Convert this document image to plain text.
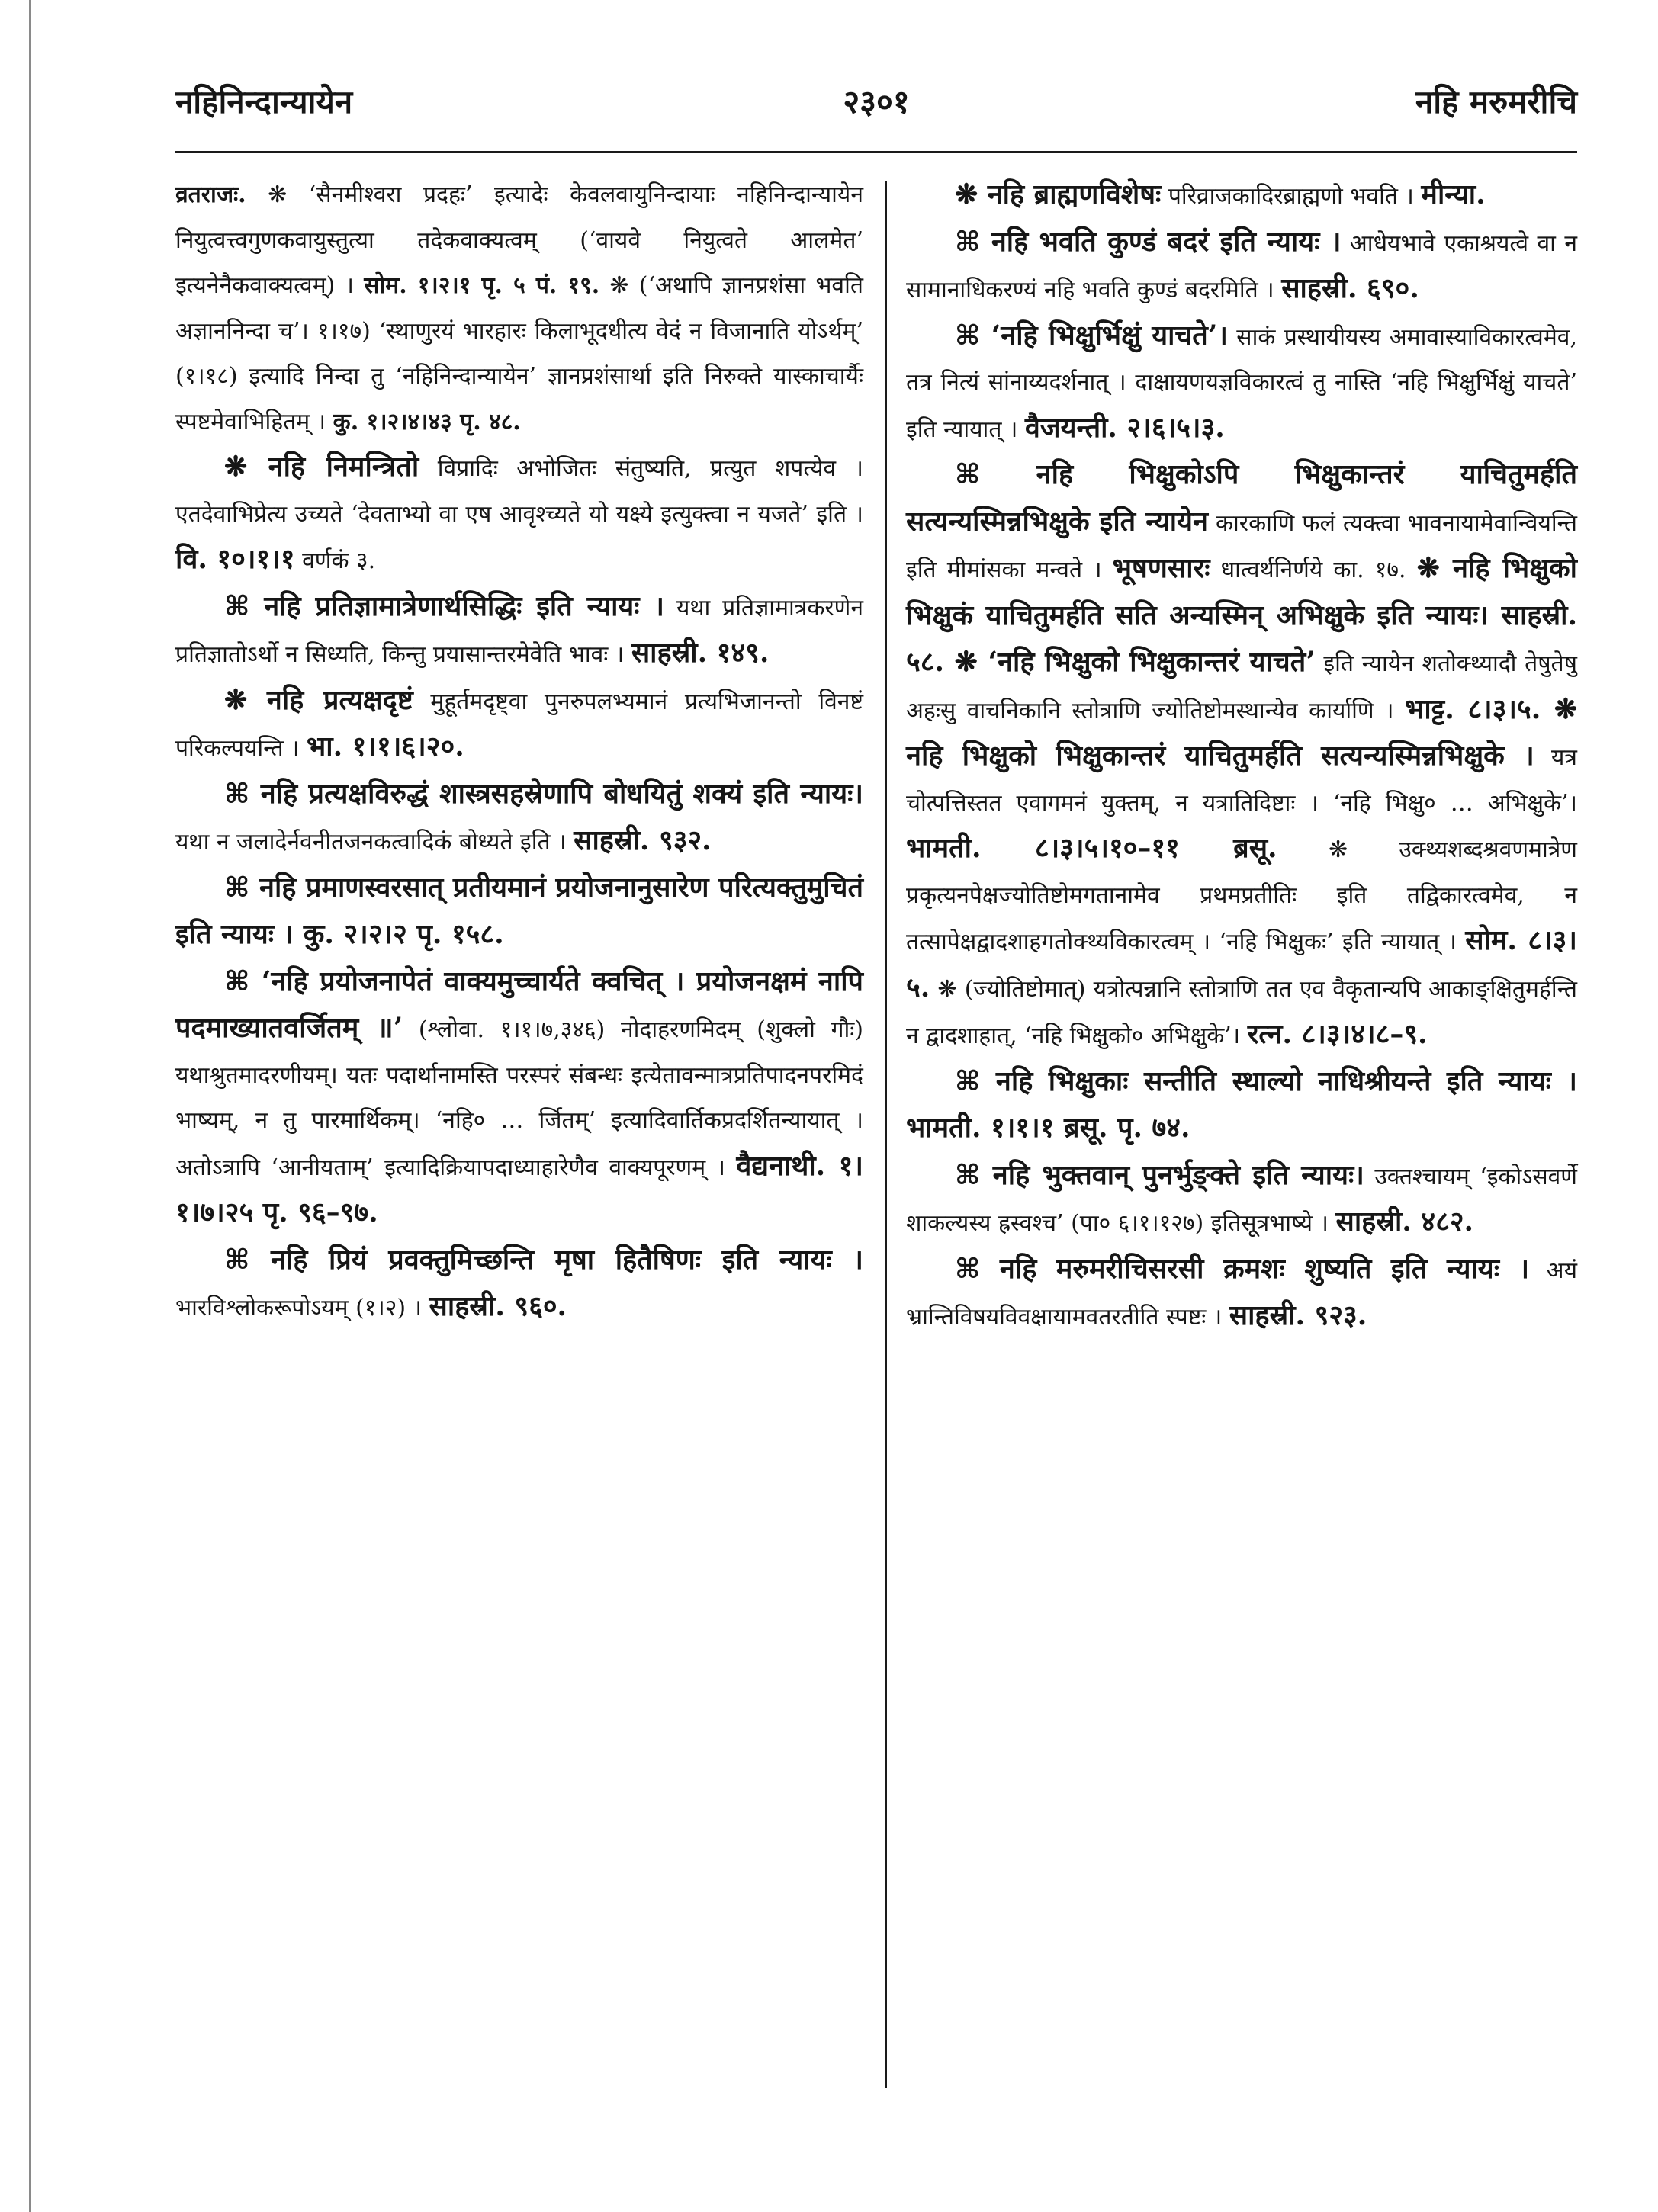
नहिनिन्दान्यायेन	२३०१	नहि मरुमरीचि

व्रतराजः. ❋ ‘सैनमीश्वरा प्रदहः’ इत्यादेः केवलवायुनिन्दायाः नहिनिन्दान्यायेन नियुत्वत्त्वगुणकवायुस्तुत्या तदेकवाक्यत्वम् (‘वायवे नियुत्वते आलमेत’ इत्यनेनैकवाक्यत्वम्) । सोम. १।२।१ पृ. ५ पं. १९. ❋ (‘अथापि ज्ञानप्रशंसा भवति अज्ञाननिन्दा च’। १।१७) ‘स्थाणुरयं भारहारः किलाभूदधीत्य वेदं न विजानाति योऽर्थम्’ (१।१८) इत्यादि निन्दा तु ‘नहिनिन्दान्यायेन’ ज्ञानप्रशंसार्था इति निरुक्ते यास्काचार्यैः स्पष्टमेवाभिहितम् । कु. १।२।४।४३ पृ. ४८.

❋ नहि निमन्त्रितो विप्रादिः अभोजितः संतुष्यति, प्रत्युत शपत्येव । एतदेवाभिप्रेत्य उच्यते ‘देवताभ्यो वा एष आवृश्च्यते यो यक्ष्ये इत्युक्त्वा न यजते’ इति । वि. १०।१।१ वर्णकं ३.

⌘ नहि प्रतिज्ञामात्रेणार्थसिद्धिः इति न्यायः । यथा प्रतिज्ञामात्रकरणेन प्रतिज्ञातोऽर्थो न सिध्यति, किन्तु प्रयासान्तरमेवेति भावः । साहस्री. १४९.

❋ नहि प्रत्यक्षदृष्टं मुहूर्तमदृष्ट्वा पुनरुपलभ्यमानं प्रत्यभिजानन्तो विनष्टं परिकल्पयन्ति । भा. १।१।६।२०.

⌘ नहि प्रत्यक्षविरुद्धं शास्त्रसहस्रेणापि बोधयितुं शक्यं इति न्यायः। यथा न जलादेर्नवनीतजनकत्वादिकं बोध्यते इति । साहस्री. ९३२.

⌘ नहि प्रमाणस्वरसात् प्रतीयमानं प्रयोजनानुसारेण परित्यक्तुमुचितं इति न्यायः । कु. २।२।२ पृ. १५८.

⌘ ‘नहि प्रयोजनापेतं वाक्यमुच्चार्यते क्वचित् । प्रयोजनक्षमं नापि पदमाख्यातवर्जितम् ॥’ (श्लोवा. १।१।७,३४६) नोदाहरणमिदम् (शुक्लो गौः) यथाश्रुतमादरणीयम्। यतः पदार्थानामस्ति परस्परं संबन्धः इत्येतावन्मात्रप्रतिपादनपरमिदं भाष्यम्, न तु पारमार्थिकम्। ‘नहि० … र्जितम्’ इत्यादिवार्तिकप्रदर्शितन्यायात् । अतोऽत्रापि ‘आनीयताम्’ इत्यादिक्रियापदाध्याहारेणैव वाक्यपूरणम् । वैद्यनाथी. १।१।७।२५ पृ. ९६–९७.

⌘ नहि प्रियं प्रवक्तुमिच्छन्ति मृषा हितैषिणः इति न्यायः । भारविश्लोकरूपोऽयम् (१।२) । साहस्री. ९६०.

❋ नहि ब्राह्मणविशेषः परिव्राजकादिरब्राह्मणो भवति । मीन्या.

⌘ नहि भवति कुण्डं बदरं इति न्यायः । आधेयभावे एकाश्रयत्वे वा न सामानाधिकरण्यं नहि भवति कुण्डं बदरमिति । साहस्री. ६९०.

⌘ ‘नहि भिक्षुर्भिक्षुं याचते’। साकं प्रस्थायीयस्य अमावास्याविकारत्वमेव, तत्र नित्यं सांनाय्यदर्शनात् । दाक्षायणयज्ञविकारत्वं तु नास्ति ‘नहि भिक्षुर्भिक्षुं याचते’ इति न्यायात् । वैजयन्ती. २।६।५।३.

⌘ नहि भिक्षुकोऽपि भिक्षुकान्तरं याचितुमर्हति सत्यन्यस्मिन्नभिक्षुके इति न्यायेन कारकाणि फलं त्यक्त्वा भावनायामेवान्वियन्ति इति मीमांसका मन्वते । भूषणसारः धात्वर्थनिर्णये का. १७. ❋ नहि भिक्षुको भिक्षुकं याचितुमर्हति सति अन्यस्मिन् अभिक्षुके इति न्यायः। साहस्री. ५८. ❋ ‘नहि भिक्षुको भिक्षुकान्तरं याचते’ इति न्यायेन शतोक्थ्यादौ तेषुतेषु अहःसु वाचनिकानि स्तोत्राणि ज्योतिष्टोमस्थान्येव कार्याणि । भाट्ट. ८।३।५. ❋ नहि भिक्षुको भिक्षुकान्तरं याचितुमर्हति सत्यन्यस्मिन्नभिक्षुके । यत्र चोत्पत्तिस्तत एवागमनं युक्तम्, न यत्रातिदिष्टाः । ‘नहि भिक्षु० … अभिक्षुके’। भामती. ८।३।५।१०–११ ब्रसू. ❋ उक्थ्यशब्दश्रवणमात्रेण प्रकृत्यनपेक्षज्योतिष्टोमगतानामेव प्रथमप्रतीतिः इति तद्विकारत्वमेव, न तत्सापेक्षद्वादशाहगतोक्थ्यविकारत्वम् । ‘नहि भिक्षुकः’ इति न्यायात् । सोम. ८।३।५. ❋ (ज्योतिष्टोमात्) यत्रोत्पन्नानि स्तोत्राणि तत एव वैकृतान्यपि आकाङ्क्षितुमर्हन्ति न द्वादशाहात्, ‘नहि भिक्षुको० अभिक्षुके’। रत्न. ८।३।४।८–९.

⌘ नहि भिक्षुकाः सन्तीति स्थाल्यो नाधिश्रीयन्ते इति न्यायः । भामती. १।१।१ ब्रसू. पृ. ७४.

⌘ नहि भुक्तवान् पुनर्भुङ्क्ते इति न्यायः। उक्तश्चायम् ‘इकोऽसवर्णे शाकल्यस्य ह्रस्वश्च’ (पा० ६।१।१२७) इतिसूत्रभाष्ये । साहस्री. ४८२.

⌘ नहि मरुमरीचिसरसी क्रमशः शुष्यति इति न्यायः । अयं भ्रान्तिविषयविवक्षायामवतरतीति स्पष्टः । साहस्री. ९२३.
